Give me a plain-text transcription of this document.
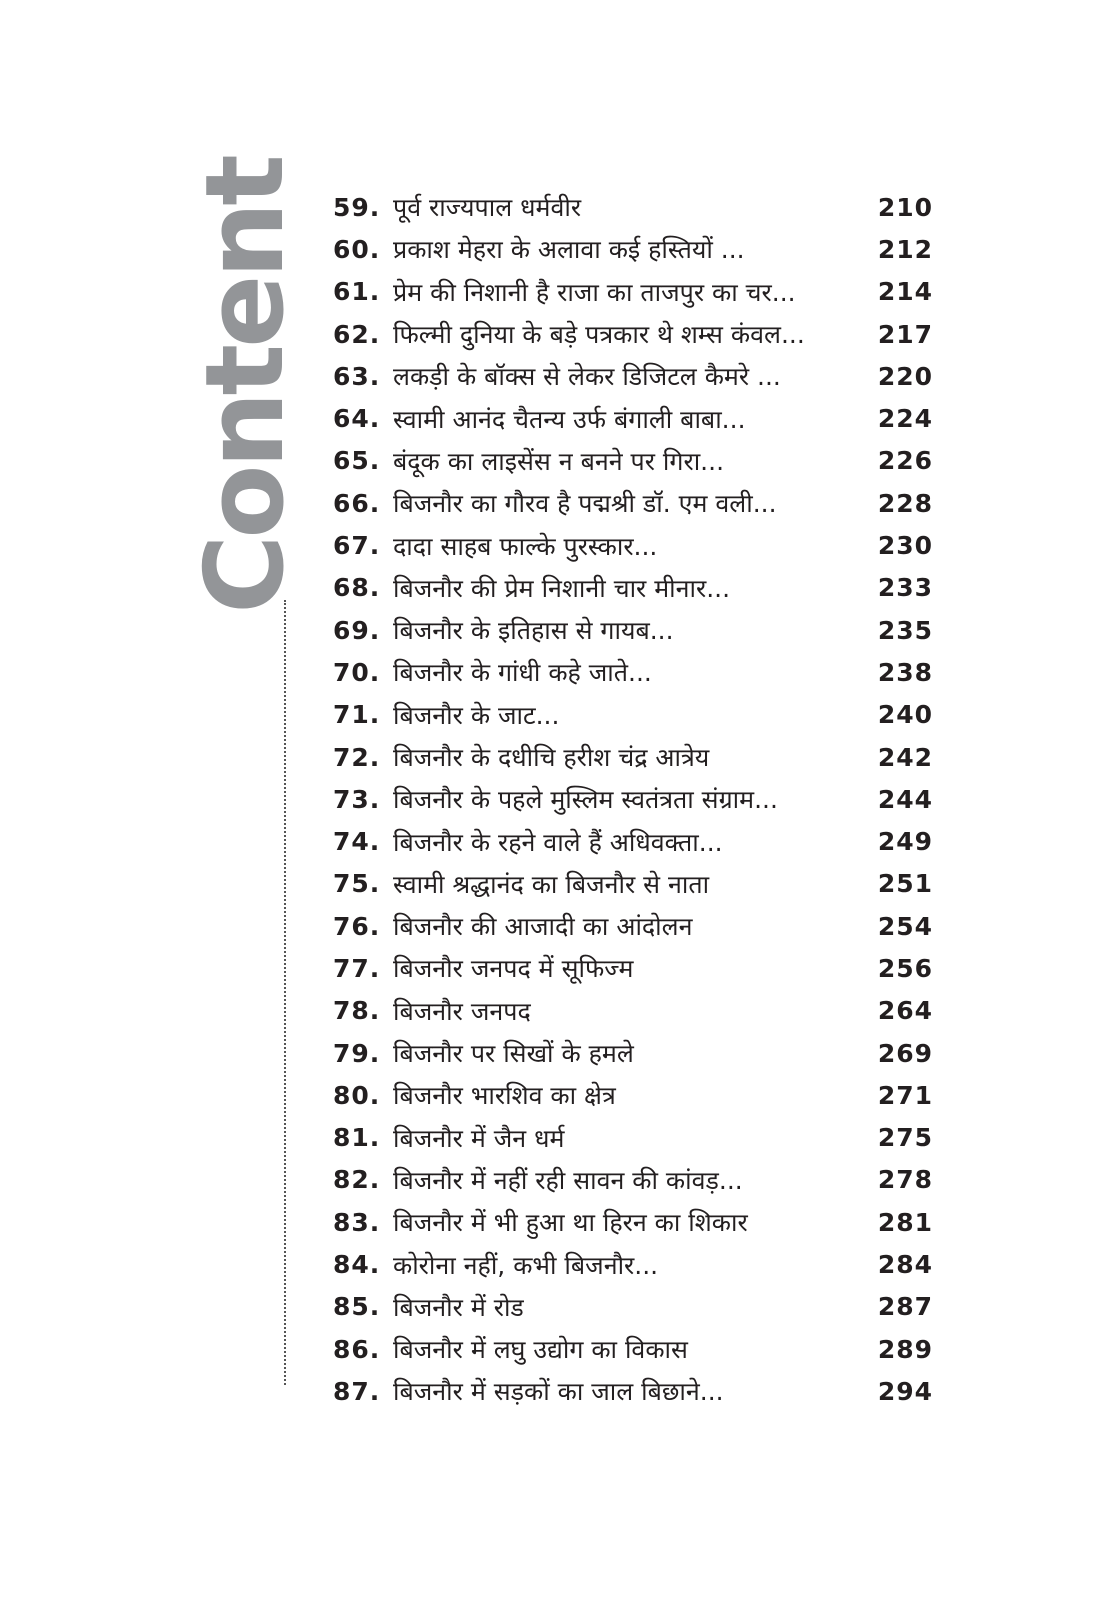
Content 59. पूर्व राज्यपाल धर्मवीर	210
60. प्रकाश मेहरा के अलावा कई हस्तियों ...	212
61. प्रेम की निशानी है राजा का ताजपुर का चर...	214
62. फिल्मी दुनिया के बड़े पत्रकार थे शम्स कंवल...	217
63. लकड़ी के बॉक्स से लेकर डिजिटल कैमरे ...	220
64. स्वामी आनंद चैतन्य उर्फ बंगाली बाबा...	224
65. बंदूक का लाइसेंस न बनने पर गिरा...	226
66. बिजनौर का गौरव है पद्मश्री डॉ. एम वली...	228
67. दादा साहब फाल्के पुरस्कार...	230
68. बिजनौर की प्रेम निशानी चार मीनार...	233
69. बिजनौर के इतिहास से गायब...	235
70. बिजनौर के गांधी कहे जाते...	238
71. बिजनौर के जाट...	240
72. बिजनौर के दधीचि हरीश चंद्र आत्रेय	242
73. बिजनौर के पहले मुस्लिम स्वतंत्रता संग्राम...	244
74. बिजनौर के रहने वाले हैं अधिवक्ता...	249
75. स्वामी श्रद्धानंद का बिजनौर से नाता	251
76. बिजनौर की आजादी का आंदोलन	254
77. बिजनौर जनपद में सूफिज्म	256
78. बिजनौर जनपद	264
79. बिजनौर पर सिखों के हमले	269
80. बिजनौर भारशिव का क्षेत्र	271
81. बिजनौर में जैन धर्म	275
82. बिजनौर में नहीं रही सावन की कांवड़...	278
83. बिजनौर में भी हुआ था हिरन का शिकार	281
84. कोरोना नहीं, कभी बिजनौर...	284
85. बिजनौर में रोड	287
86. बिजनौर में लघु उद्योग का विकास	289
87. बिजनौर में सड़कों का जाल बिछाने...	294
